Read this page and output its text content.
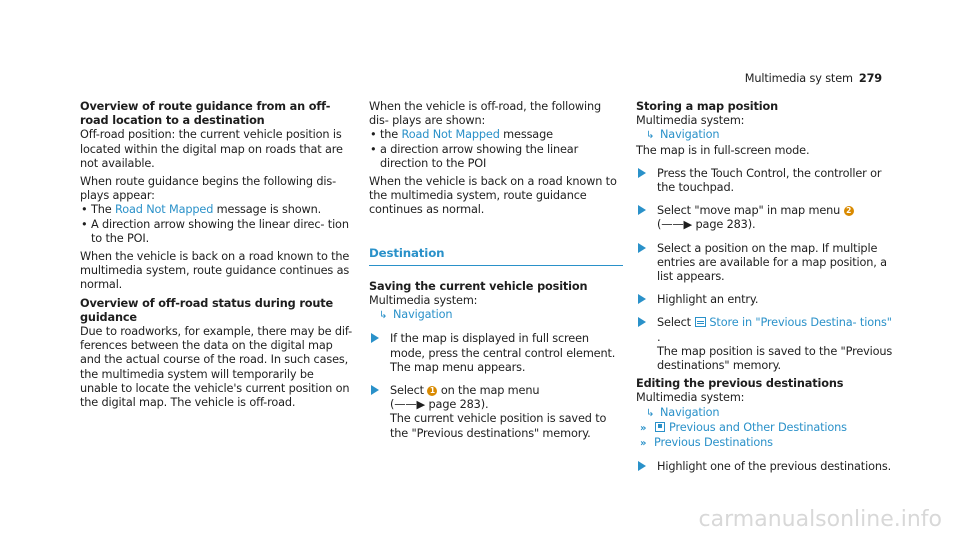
Multimedia sy stem 279
Overview of route guidance from an off-road location to a destination
Off-road position: the current vehicle position is located within the digital map on roads that are not available.
When route guidance begins the following dis- plays appear:
• The Road Not Mapped message is shown.
• A direction arrow showing the linear direc- tion to the POI.
When the vehicle is back on a road known to the multimedia system, route guidance continues as normal.
Overview of off-road status during route guidance
Due to roadworks, for example, there may be dif- ferences between the data on the digital map and the actual course of the road. In such cases, the multimedia system will temporarily be unable to locate the vehicle's current position on the digital map. The vehicle is off-road.
When the vehicle is off-road, the following dis- plays are shown:
• the Road Not Mapped message
• a direction arrow showing the linear direction to the POI
When the vehicle is back on a road known to the multimedia system, route guidance continues as normal.
Destination
Saving the current vehicle position
Multimedia system:
↳ Navigation
If the map is displayed in full screen mode, press the central control element. The map menu appears.
Select 1 on the map menu
(——▶ page 283).
The current vehicle position is saved to the "Previous destinations" memory.
Storing a map position
Multimedia system:
↳ Navigation
The map is in full-screen mode.
Press the Touch Control, the controller or the touchpad.
Select "move map" in map menu 2
(——▶ page 283).
Select a position on the map. If multiple entries are available for a map position, a list appears.
Highlight an entry.
Select Store in "Previous Destina- tions" .
The map position is saved to the "Previous destinations" memory.
Editing the previous destinations
Multimedia system:
↳ Navigation
» Previous and Other Destinations
» Previous Destinations
Highlight one of the previous destinations.
carmanualsonline.info
